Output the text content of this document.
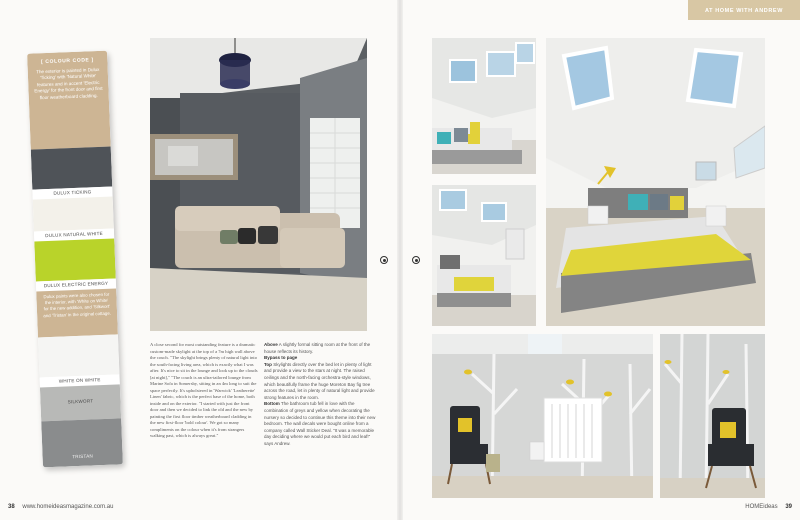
AT HOME WITH ANDREW
[ COLOUR CODE ]
The exterior is painted in Dulux 'Ticking' with 'Natural White' features and in accent 'Electric Energy' for the front door and first floor weatherboard cladding.
DULUX TICKING
DULUX NATURAL WHITE
DULUX ELECTRIC ENERGY
Dulux paints were also chosen for the interior, with 'White on White' for the new addition, and 'Silkwort' and 'Tristan' in the original cottage.
WHITE ON WHITE
SILKWORT
TRISTAN
A close second for most outstanding feature is a dramatic custom-made skylight at the top of a 7m high wall above the couch. "The skylight brings plenty of natural light into the south-facing living area, which is exactly what I was after. It's nice to sit in the lounge and look up to the clouds [at night]," "The couch is an ultra-tailored lounge from Marine Sofa in Somersby, sitting in an 4m long to suit the space perfectly. It's upholstered in 'Warwick' 'Leatherette' Linen' fabric, which is the perfect base of the home, both inside and on the exterior. "I started with just the front door and then we decided to link the old and the new by painting the first floor timber weatherboard cladding in the new first-floor 'bold colour'. We got so many compliments on the colour when it's from strangers walking past, which is always great."
Above A slightly formal sitting room at the front of the house reflects its history.
Bypass to page
Top Skylights directly over the bed let in plenty of light and provide a view to the stars at night. The raised ceilings and the north-facing orchestra-style windows, which beautifully frame the huge Moreton Bay fig tree across the road, let in plenty of natural light and provide strong features in the room.
Bottom The bathroom tub fell in love with the combination of greys and yellow when decorating the nursery so decided to continue this theme into their new bedroom. The wall decals were bought online from a company called Wall Sticker Deal. "It was a memorable day deciding where we would put each bird and leaf!" says Andrew.
38 www.homeideasmagazine.com.au	HOMEideas 39
